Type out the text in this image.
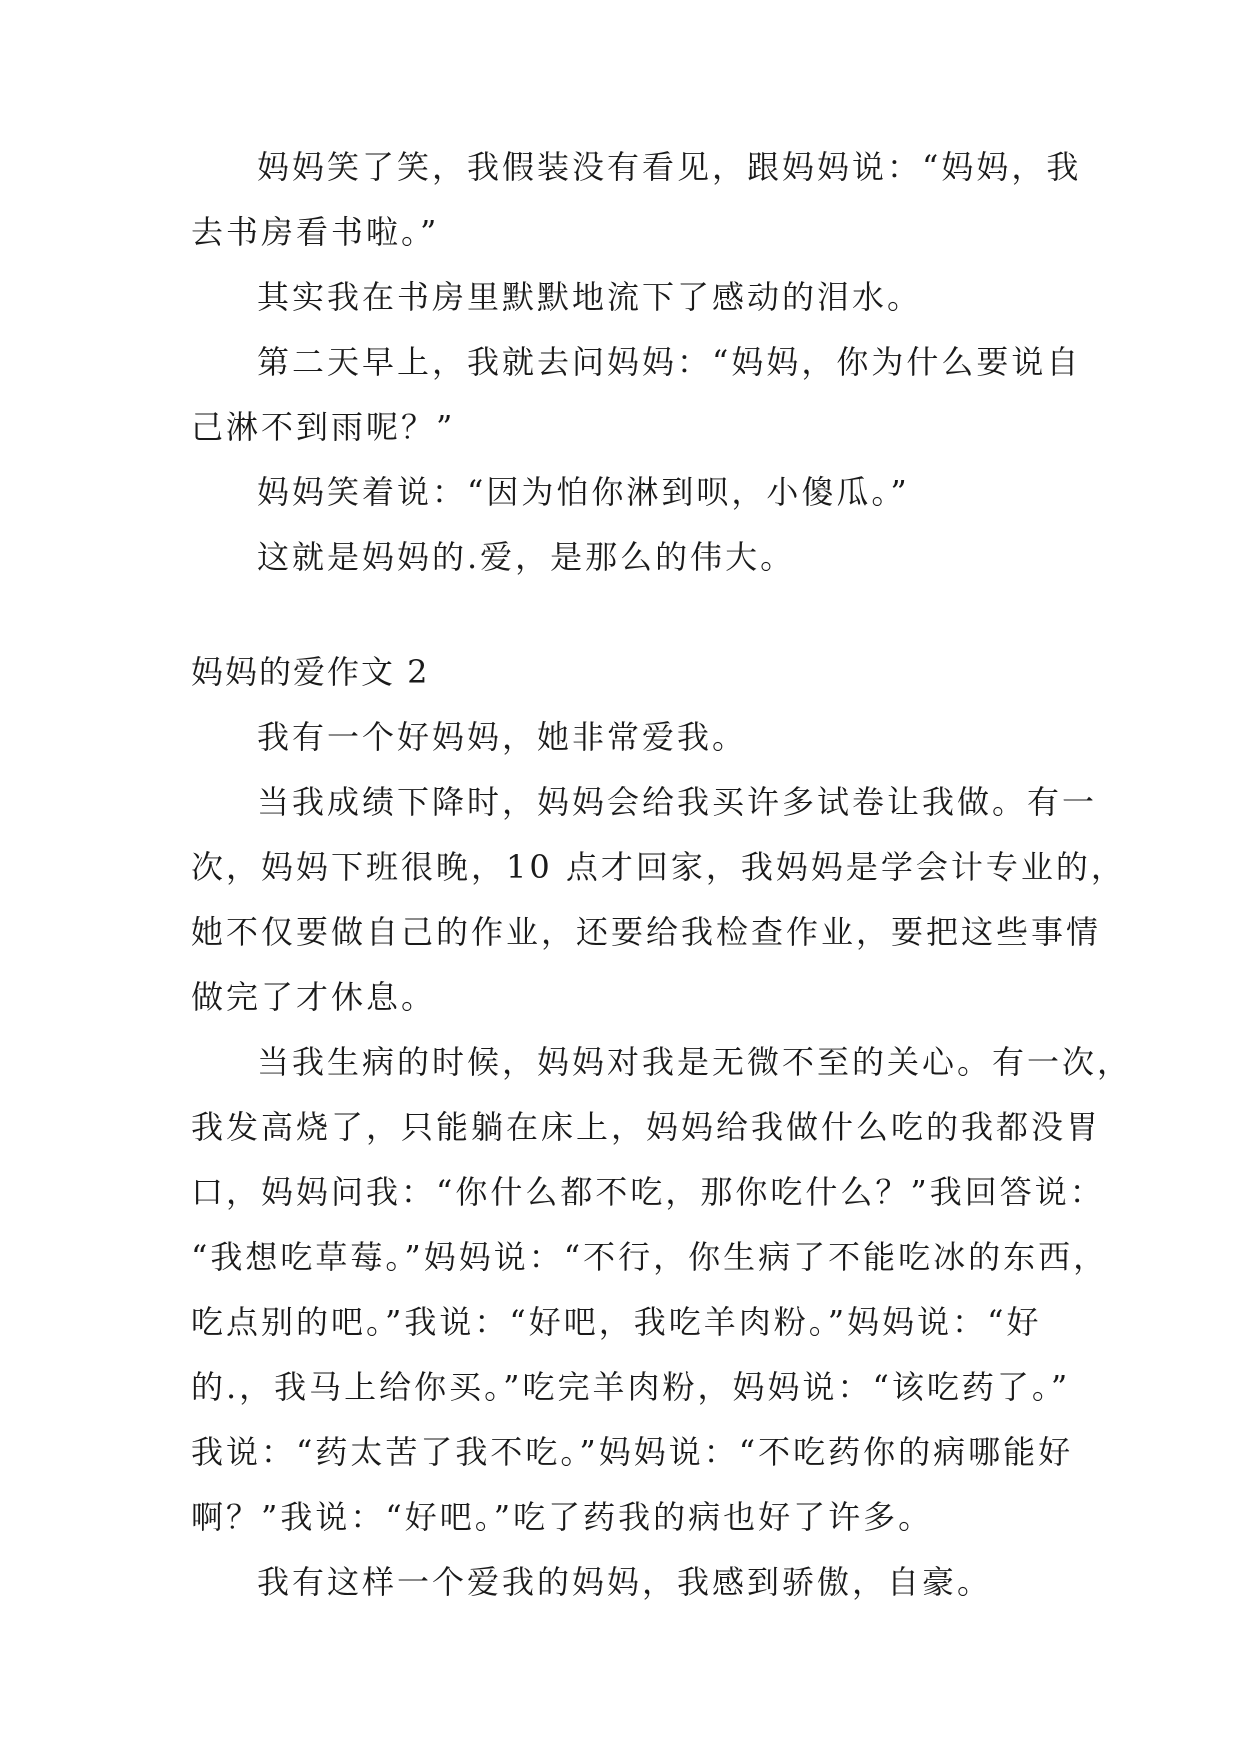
妈妈笑了笑，我假装没有看见，跟妈妈说：“妈妈，我
去书房看书啦。”

其实我在书房里默默地流下了感动的泪水。

第二天早上，我就去问妈妈：“妈妈，你为什么要说自
己淋不到雨呢？”

妈妈笑着说：“因为怕你淋到呗，小傻瓜。”

这就是妈妈的.爱，是那么的伟大。

妈妈的爱作文 2

我有一个好妈妈，她非常爱我。

当我成绩下降时，妈妈会给我买许多试卷让我做。有一
次，妈妈下班很晚，10 点才回家，我妈妈是学会计专业的，
她不仅要做自己的作业，还要给我检查作业，要把这些事情
做完了才休息。

当我生病的时候，妈妈对我是无微不至的关心。有一次，
我发高烧了，只能躺在床上，妈妈给我做什么吃的我都没胃
口，妈妈问我：“你什么都不吃，那你吃什么？”我回答说：
“我想吃草莓。”妈妈说：“不行，你生病了不能吃冰的东西，
吃点别的吧。”我说：“好吧，我吃羊肉粉。”妈妈说：“好
的.，我马上给你买。”吃完羊肉粉，妈妈说：“该吃药了。”
我说：“药太苦了我不吃。”妈妈说：“不吃药你的病哪能好
啊？”我说：“好吧。”吃了药我的病也好了许多。

我有这样一个爱我的妈妈，我感到骄傲，自豪。
